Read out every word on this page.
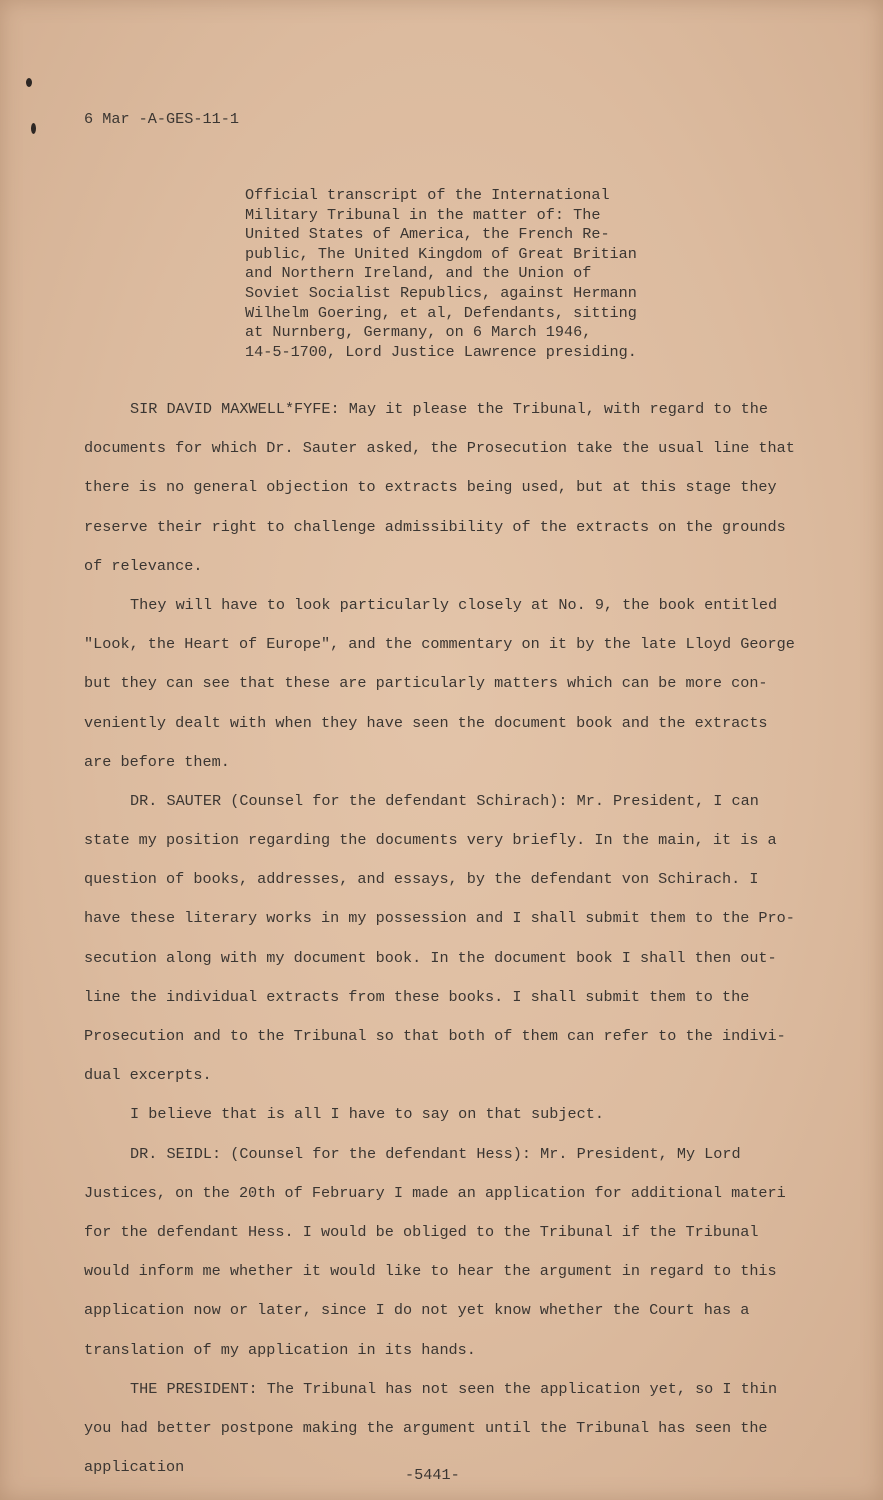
6 Mar -A-GES-11-1
Official transcript of the International
Military Tribunal in the matter of: The
United States of America, the French Re-
public, The United Kingdom of Great Britian
and Northern Ireland, and the Union of
Soviet Socialist Republics, against Hermann
Wilhelm Goering, et al, Defendants, sitting
at Nurnberg, Germany, on 6 March 1946,
14-5-1700, Lord Justice Lawrence presiding.
SIR DAVID MAXWELL*FYFE: May it please the Tribunal, with regard to the
documents for which Dr. Sauter asked, the Prosecution take the usual line that
there is no general objection to extracts being used, but at this stage they
reserve their right to challenge admissibility of the extracts on the grounds
of relevance.
They will have to look particularly closely at No. 9, the book entitled
"Look, the Heart of Europe", and the commentary on it by the late Lloyd George
but they can see that these are particularly matters which can be more con-
veniently dealt with when they have seen the document book and the extracts
are before them.
DR. SAUTER (Counsel for the defendant Schirach): Mr. President, I can
state my position regarding the documents very briefly. In the main, it is a
question of books, addresses, and essays, by the defendant von Schirach. I
have these literary works in my possession and I shall submit them to the Pro-
secution along with my document book. In the document book I shall then out-
line the individual extracts from these books. I shall submit them to the
Prosecution and to the Tribunal so that both of them can refer to the indivi-
dual excerpts.
I believe that is all I have to say on that subject.
DR. SEIDL: (Counsel for the defendant Hess): Mr. President, My Lord
Justices, on the 20th of February I made an application for additional materi
for the defendant Hess. I would be obliged to the Tribunal if the Tribunal
would inform me whether it would like to hear the argument in regard to this
application now or later, since I do not yet know whether the Court has a
translation of my application in its hands.
THE PRESIDENT: The Tribunal has not seen the application yet, so I thin
you had better postpone making the argument until the Tribunal has seen the
application	-5441-
